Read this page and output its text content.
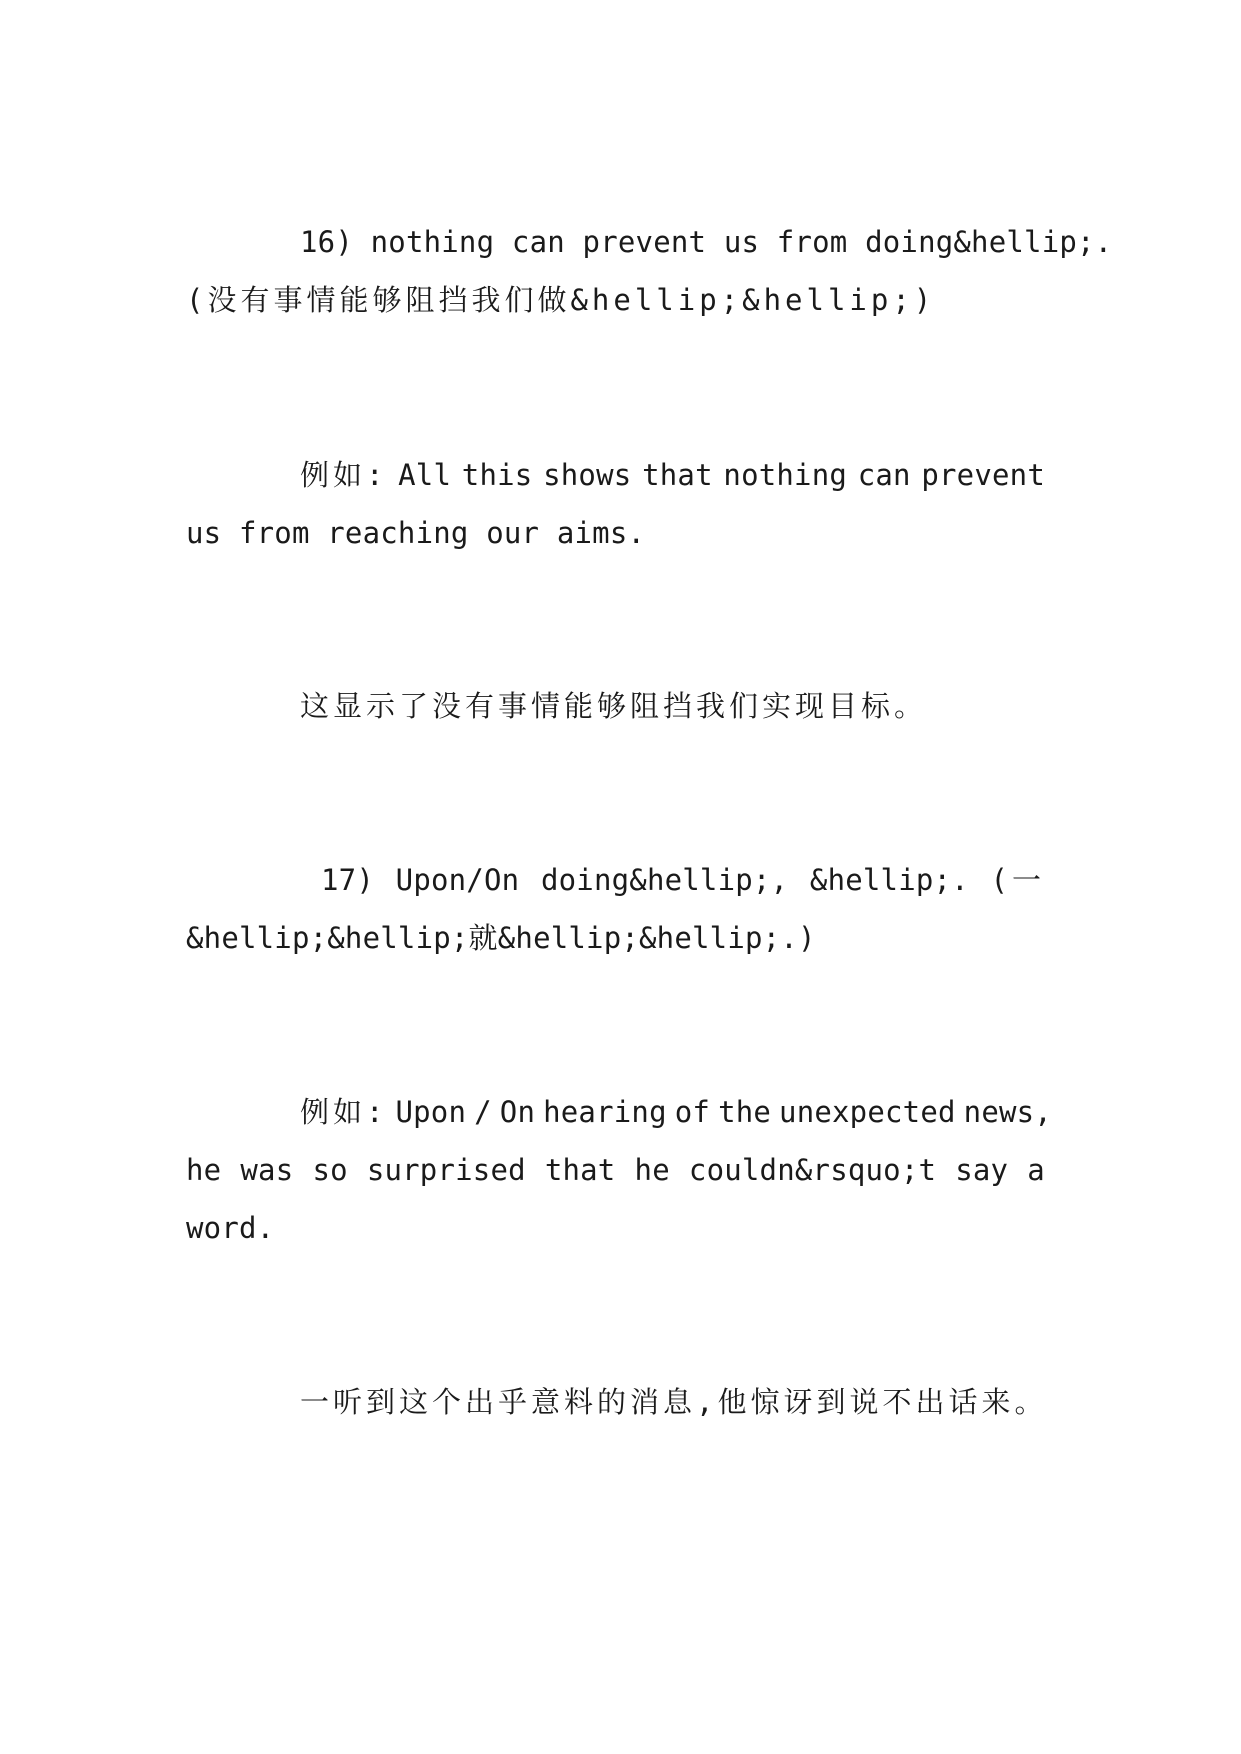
16) nothing can prevent us from doing&hellip;.
(没有事情能够阻挡我们做&hellip;&hellip;)
例如: All this shows that nothing can prevent
us from reaching our aims.
这显示了没有事情能够阻挡我们实现目标。
17) Upon/On doing&hellip;, &hellip;. (一
&hellip;&hellip;就&hellip;&hellip;.)
例如: Upon / On hearing of the unexpected news,
he was so surprised that he couldn&rsquo;t say a
word.
一听到这个出乎意料的消息,他惊讶到说不出话来。
